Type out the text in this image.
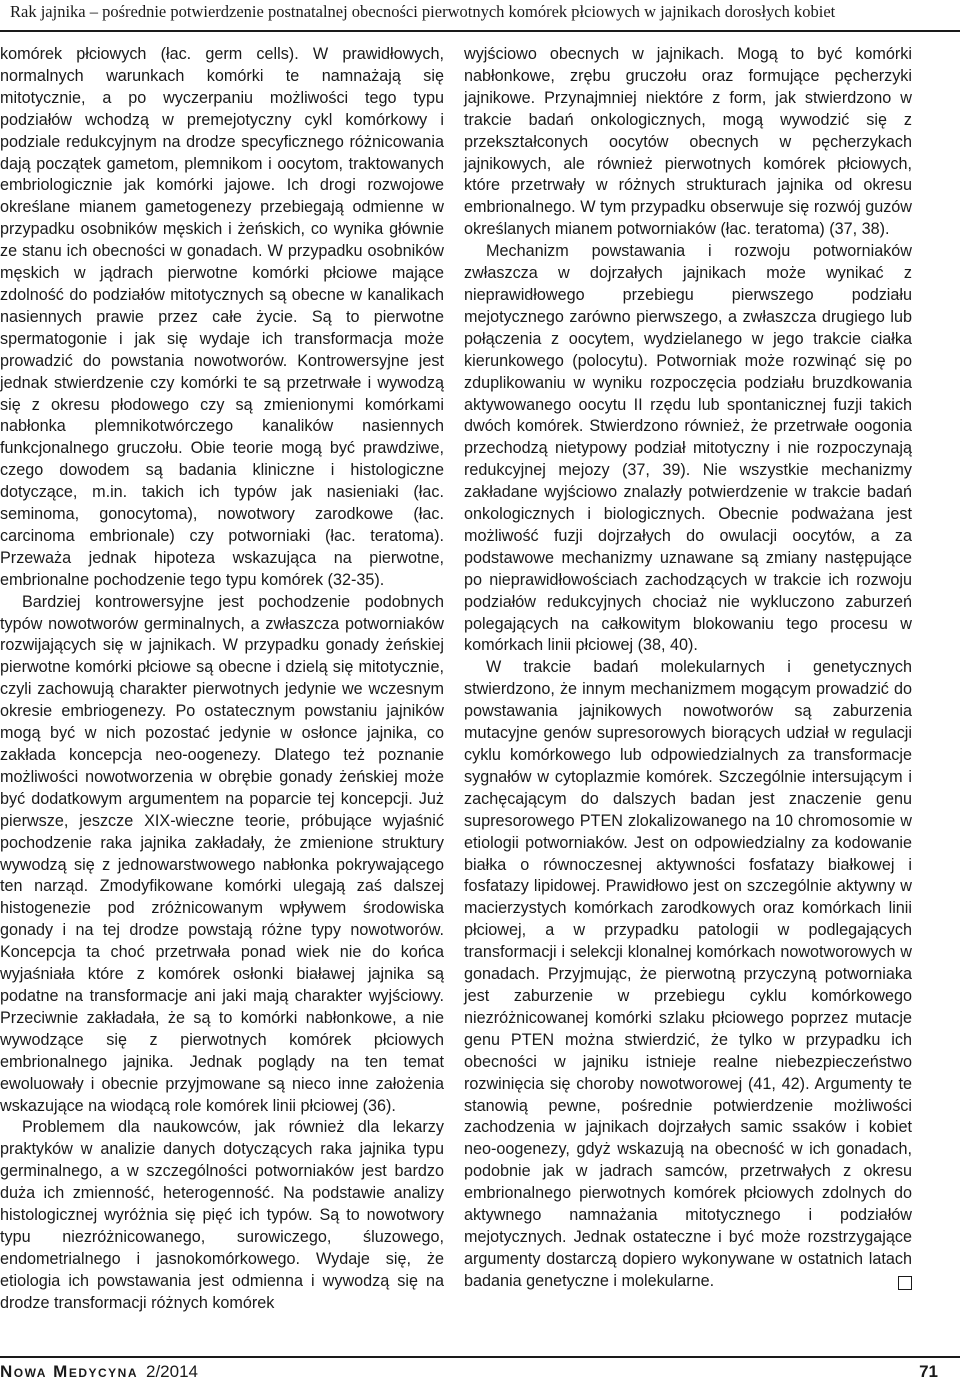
Rak jajnika – pośrednie potwierdzenie postnatalnej obecności pierwotnych komórek płciowych w jajnikach dorosłych kobiet

komórek płciowych (łac. germ cells). W prawidłowych, normalnych warunkach komórki te namnażają się mitotycznie, a po wyczerpaniu możliwości tego typu podziałów wchodzą w premejotyczny cykl komórkowy i podziale redukcyjnym na drodze specyficznego różnicowania dają początek gametom, plemnikom i oocytom, traktowanych embriologicznie jak komórki jajowe. Ich drogi rozwojowe określane mianem gametogenezy przebiegają odmienne w przypadku osobników męskich i żeńskich, co wynika głównie ze stanu ich obecności w gonadach. W przypadku osobników męskich w jądrach pierwotne komórki płciowe mające zdolność do podziałów mitotycznych są obecne w kanalikach nasiennych prawie przez całe życie. Są to pierwotne spermatogonie i jak się wydaje ich transformacja może prowadzić do powstania nowotworów. Kontrowersyjne jest jednak stwierdzenie czy komórki te są przetrwałe i wywodzą się z okresu płodowego czy są zmienionymi komórkami nabłonka plemnikotwórczego kanalików nasiennych funkcjonalnego gruczołu. Obie teorie mogą być prawdziwe, czego dowodem są badania kliniczne i histologiczne dotyczące, m.in. takich ich typów jak nasieniaki (łac. seminoma, gonocytoma), nowotwory zarodkowe (łac. carcinoma embrionale) czy potworniaki (łac. teratoma). Przeważa jednak hipoteza wskazująca na pierwotne, embrionalne pochodzenie tego typu komórek (32-35).

Bardziej kontrowersyjne jest pochodzenie podobnych typów nowotworów germinalnych, a zwłaszcza potworniaków rozwijających się w jajnikach. W przypadku gonady żeńskiej pierwotne komórki płciowe są obecne i dzielą się mitotycznie, czyli zachowują charakter pierwotnych jedynie we wczesnym okresie embriogenezy. Po ostatecznym powstaniu jajników mogą być w nich pozostać jedynie w osłonce jajnika, co zakłada koncepcja neo-oogenezy. Dlatego też poznanie możliwości nowotworzenia w obrębie gonady żeńskiej może być dodatkowym argumentem na poparcie tej koncepcji. Już pierwsze, jeszcze XIX-wieczne teorie, próbujące wyjaśnić pochodzenie raka jajnika zakładały, że zmienione struktury wywodzą się z jednowarstwowego nabłonka pokrywającego ten narząd. Zmodyfikowane komórki ulegają zaś dalszej histogenezie pod zróżnicowanym wpływem środowiska gonady i na tej drodze powstają różne typy nowotworów. Koncepcja ta choć przetrwała ponad wiek nie do końca wyjaśniała które z komórek osłonki białawej jajnika są podatne na transformacje ani jaki mają charakter wyjściowy. Przeciwnie zakładała, że są to komórki nabłonkowe, a nie wywodzące się z pierwotnych komórek płciowych embrionalnego jajnika. Jednak poglądy na ten temat ewoluowały i obecnie przyjmowane są nieco inne założenia wskazujące na wiodącą role komórek linii płciowej (36).

Problemem dla naukowców, jak również dla lekarzy praktyków w analizie danych dotyczących raka jajnika typu germinalnego, a w szczególności potworniaków jest bardzo duża ich zmienność, heterogenność. Na podstawie analizy histologicznej wyróżnia się pięć ich typów. Są to nowotwory typu niezróżnicowanego, surowiczego, śluzowego, endometrialnego i jasnokomórkowego. Wydaje się, że etiologia ich powstawania jest odmienna i wywodzą się na drodze transformacji różnych komórek

wyjściowo obecnych w jajnikach. Mogą to być komórki nabłonkowe, zrębu gruczołu oraz formujące pęcherzyki jajnikowe. Przynajmniej niektóre z form, jak stwierdzono w trakcie badań onkologicznych, mogą wywodzić się z przekształconych oocytów obecnych w pęcherzykach jajnikowych, ale również pierwotnych komórek płciowych, które przetrwały w różnych strukturach jajnika od okresu embrionalnego. W tym przypadku obserwuje się rozwój guzów określanych mianem potworniaków (łac. teratoma) (37, 38).

Mechanizm powstawania i rozwoju potworniaków zwłaszcza w dojrzałych jajnikach może wynikać z nieprawidłowego przebiegu pierwszego podziału mejotycznego zarówno pierwszego, a zwłaszcza drugiego lub połączenia z oocytem, wydzielanego w jego trakcie ciałka kierunkowego (polocytu). Potworniak może rozwinąć się po zduplikowaniu w wyniku rozpoczęcia podziału bruzdkowania aktywowanego oocytu II rzędu lub spontanicznej fuzji takich dwóch komórek. Stwierdzono również, że przetrwałe oogonia przechodzą nietypowy podział mitotyczny i nie rozpoczynają redukcyjnej mejozy (37, 39). Nie wszystkie mechanizmy zakładane wyjściowo znalazły potwierdzenie w trakcie badań onkologicznych i biologicznych. Obecnie podważana jest możliwość fuzji dojrzałych do owulacji oocytów, a za podstawowe mechanizmy uznawane są zmiany następujące po nieprawidłowościach zachodzących w trakcie ich rozwoju podziałów redukcyjnych chociaż nie wykluczono zaburzeń polegających na całkowitym blokowaniu tego procesu w komórkach linii płciowej (38, 40).

W trakcie badań molekularnych i genetycznych stwierdzono, że innym mechanizmem mogącym prowadzić do powstawania jajnikowych nowotworów są zaburzenia mutacyjne genów supresorowych biorących udział w regulacji cyklu komórkowego lub odpowiedzialnych za transformacje sygnałów w cytoplazmie komórek. Szczególnie intersującym i zachęcającym do dalszych badan jest znaczenie genu supresorowego PTEN zlokalizowanego na 10 chromosomie w etiologii potworniaków. Jest on odpowiedzialny za kodowanie białka o równoczesnej aktywności fosfatazy białkowej i fosfatazy lipidowej. Prawidłowo jest on szczególnie aktywny w macierzystych komórkach zarodkowych oraz komórkach linii płciowej, a w przypadku patologii w podlegających transformacji i selekcji klonalnej komórkach nowotworowych w gonadach. Przyjmując, że pierwotną przyczyną potworniaka jest zaburzenie w przebiegu cyklu komórkowego niezróżnicowanej komórki szlaku płciowego poprzez mutacje genu PTEN można stwierdzić, że tylko w przypadku ich obecności w jajniku istnieje realne niebezpieczeństwo rozwinięcia się choroby nowotworowej (41, 42). Argumenty te stanowią pewne, pośrednie potwierdzenie możliwości zachodzenia w jajnikach dojrzałych samic ssaków i kobiet neo-oogenezy, gdyż wskazują na obecność w ich gonadach, podobnie jak w jadrach samców, przetrwałych z okresu embrionalnego pierwotnych komórek płciowych zdolnych do aktywnego namnażania mitotycznego i podziałów mejotycznych. Jednak ostateczne i być może rozstrzygające argumenty dostarczą dopiero wykonywane w ostatnich latach badania genetyczne i molekularne.

Nowa Medycyna 2/2014	71
